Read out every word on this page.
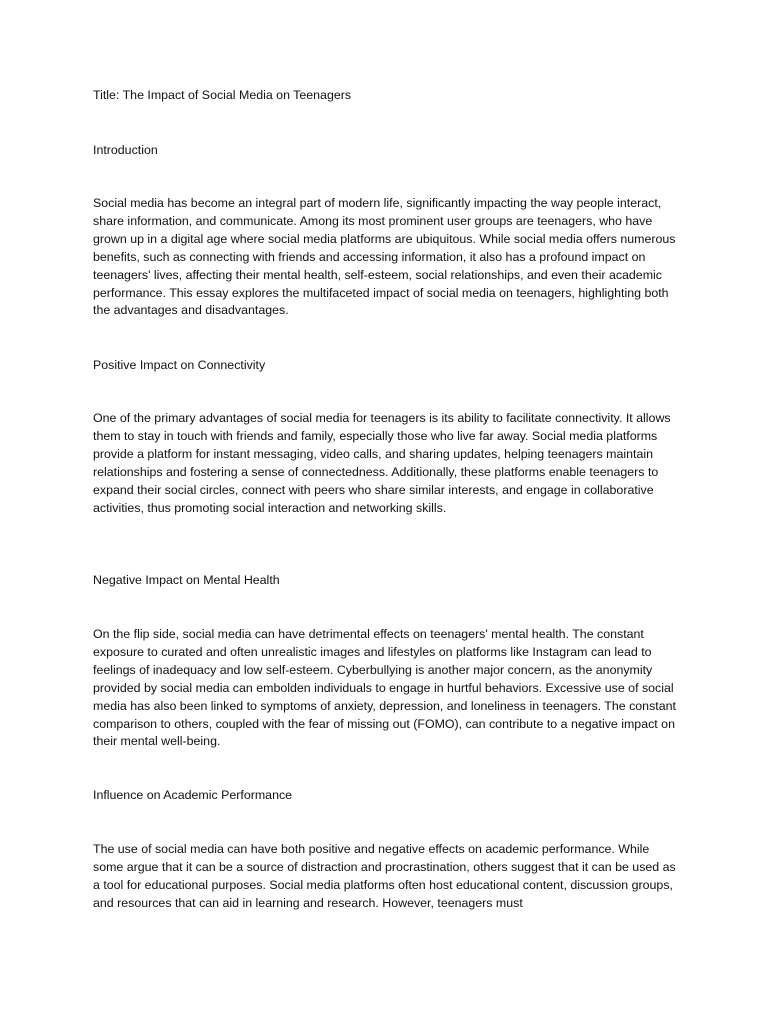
Title: The Impact of Social Media on Teenagers

Introduction

Social media has become an integral part of modern life, significantly impacting the way people interact, share information, and communicate. Among its most prominent user groups are teenagers, who have grown up in a digital age where social media platforms are ubiquitous. While social media offers numerous benefits, such as connecting with friends and accessing information, it also has a profound impact on teenagers' lives, affecting their mental health, self-esteem, social relationships, and even their academic performance. This essay explores the multifaceted impact of social media on teenagers, highlighting both the advantages and disadvantages.

Positive Impact on Connectivity

One of the primary advantages of social media for teenagers is its ability to facilitate connectivity. It allows them to stay in touch with friends and family, especially those who live far away. Social media platforms provide a platform for instant messaging, video calls, and sharing updates, helping teenagers maintain relationships and fostering a sense of connectedness. Additionally, these platforms enable teenagers to expand their social circles, connect with peers who share similar interests, and engage in collaborative activities, thus promoting social interaction and networking skills.

Negative Impact on Mental Health

On the flip side, social media can have detrimental effects on teenagers' mental health. The constant exposure to curated and often unrealistic images and lifestyles on platforms like Instagram can lead to feelings of inadequacy and low self-esteem. Cyberbullying is another major concern, as the anonymity provided by social media can embolden individuals to engage in hurtful behaviors. Excessive use of social media has also been linked to symptoms of anxiety, depression, and loneliness in teenagers. The constant comparison to others, coupled with the fear of missing out (FOMO), can contribute to a negative impact on their mental well-being.

Influence on Academic Performance

The use of social media can have both positive and negative effects on academic performance. While some argue that it can be a source of distraction and procrastination, others suggest that it can be used as a tool for educational purposes. Social media platforms often host educational content, discussion groups, and resources that can aid in learning and research. However, teenagers must
